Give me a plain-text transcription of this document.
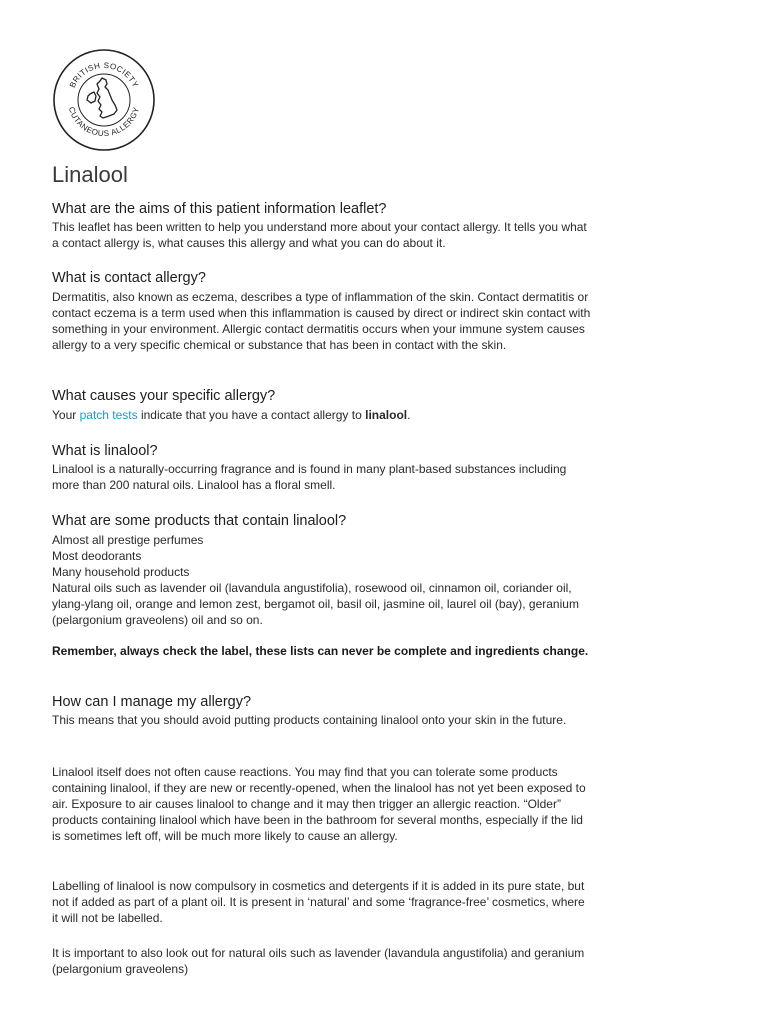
BRITISH SOCIETY
CUTANEOUS ALLERGY
Linalool
What are the aims of this patient information leaflet?

This leaflet has been written to help you understand more about your contact allergy. It tells you what a contact allergy is, what causes this allergy and what you can do about it.

What is contact allergy?

Dermatitis, also known as eczema, describes a type of inflammation of the skin. Contact dermatitis or contact eczema is a term used when this inflammation is caused by direct or indirect skin contact with something in your environment. Allergic contact dermatitis occurs when your immune system causes allergy to a very specific chemical or substance that has been in contact with the skin.

What causes your specific allergy?

Your patch tests indicate that you have a contact allergy to linalool.

What is linalool?

Linalool is a naturally-occurring fragrance and is found in many plant-based substances including more than 200 natural oils. Linalool has a floral smell.

What are some products that contain linalool?

Almost all prestige perfumes

Most deodorants

Many household products

Natural oils such as lavender oil (lavandula angustifolia), rosewood oil, cinnamon oil, coriander oil, ylang-ylang oil, orange and lemon zest, bergamot oil, basil oil, jasmine oil, laurel oil (bay), geranium (pelargonium graveolens) oil and so on.

Remember, always check the label, these lists can never be complete and ingredients change.

How can I manage my allergy?

This means that you should avoid putting products containing linalool onto your skin in the future.

Linalool itself does not often cause reactions. You may find that you can tolerate some products containing linalool, if they are new or recently-opened, when the linalool has not yet been exposed to air. Exposure to air causes linalool to change and it may then trigger an allergic reaction. “Older” products containing linalool which have been in the bathroom for several months, especially if the lid is sometimes left off, will be much more likely to cause an allergy.

Labelling of linalool is now compulsory in cosmetics and detergents if it is added in its pure state, but not if added as part of a plant oil. It is present in ‘natural’ and some ‘fragrance-free’ cosmetics, where it will not be labelled.

It is important to also look out for natural oils such as lavender (lavandula angustifolia) and geranium (pelargonium graveolens)
